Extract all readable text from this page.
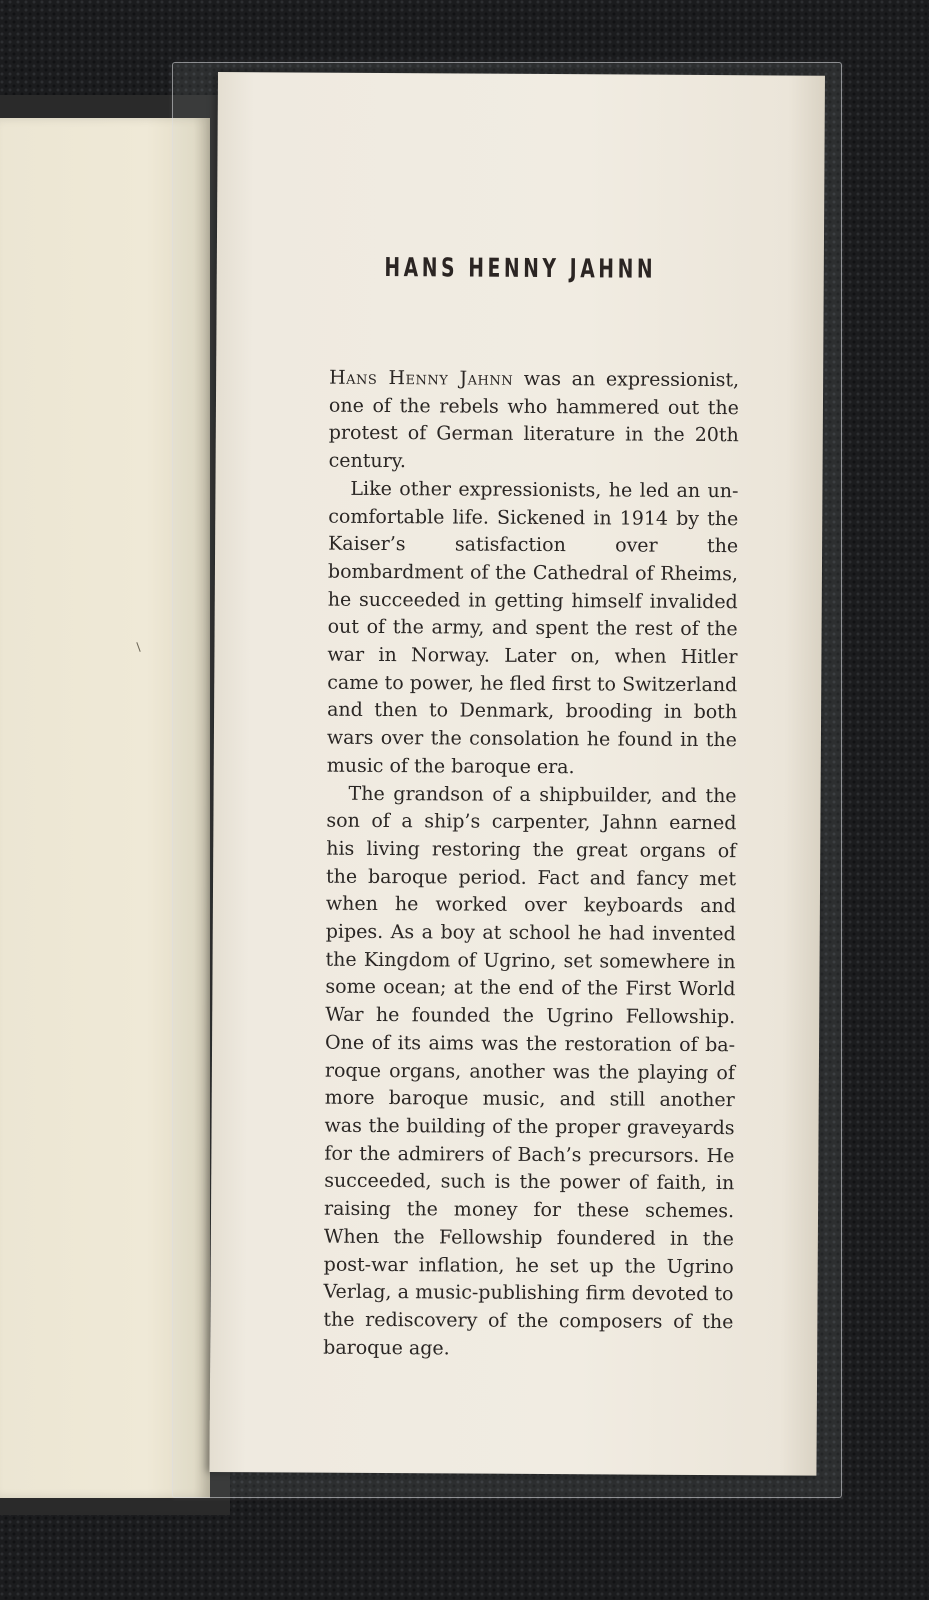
HANS HENNY JAHNN

Hans Henny Jahnn was an expressionist, one of the rebels who hammered out the protest of German literature in the 20th century.

Like other expressionists, he led an uncomfortable life. Sickened in 1914 by the Kaiser’s satisfaction over the bombardment of the Cathedral of Rheims, he succeeded in getting himself invalided out of the army, and spent the rest of the war in Norway. Later on, when Hitler came to power, he fled first to Switzerland and then to Denmark, brooding in both wars over the consolation he found in the music of the baroque era.

The grandson of a shipbuilder, and the son of a ship’s carpenter, Jahnn earned his living restoring the great organs of the baroque period. Fact and fancy met when he worked over keyboards and pipes. As a boy at school he had invented the Kingdom of Ugrino, set somewhere in some ocean; at the end of the First World War he founded the Ugrino Fellowship. One of its aims was the restoration of baroque organs, another was the playing of more baroque music, and still another was the building of the proper graveyards for the admirers of Bach’s precursors. He succeeded, such is the power of faith, in raising the money for these schemes. When the Fellowship foundered in the post-war inflation, he set up the Ugrino Verlag, a music-publishing firm devoted to the rediscovery of the composers of the baroque age.
